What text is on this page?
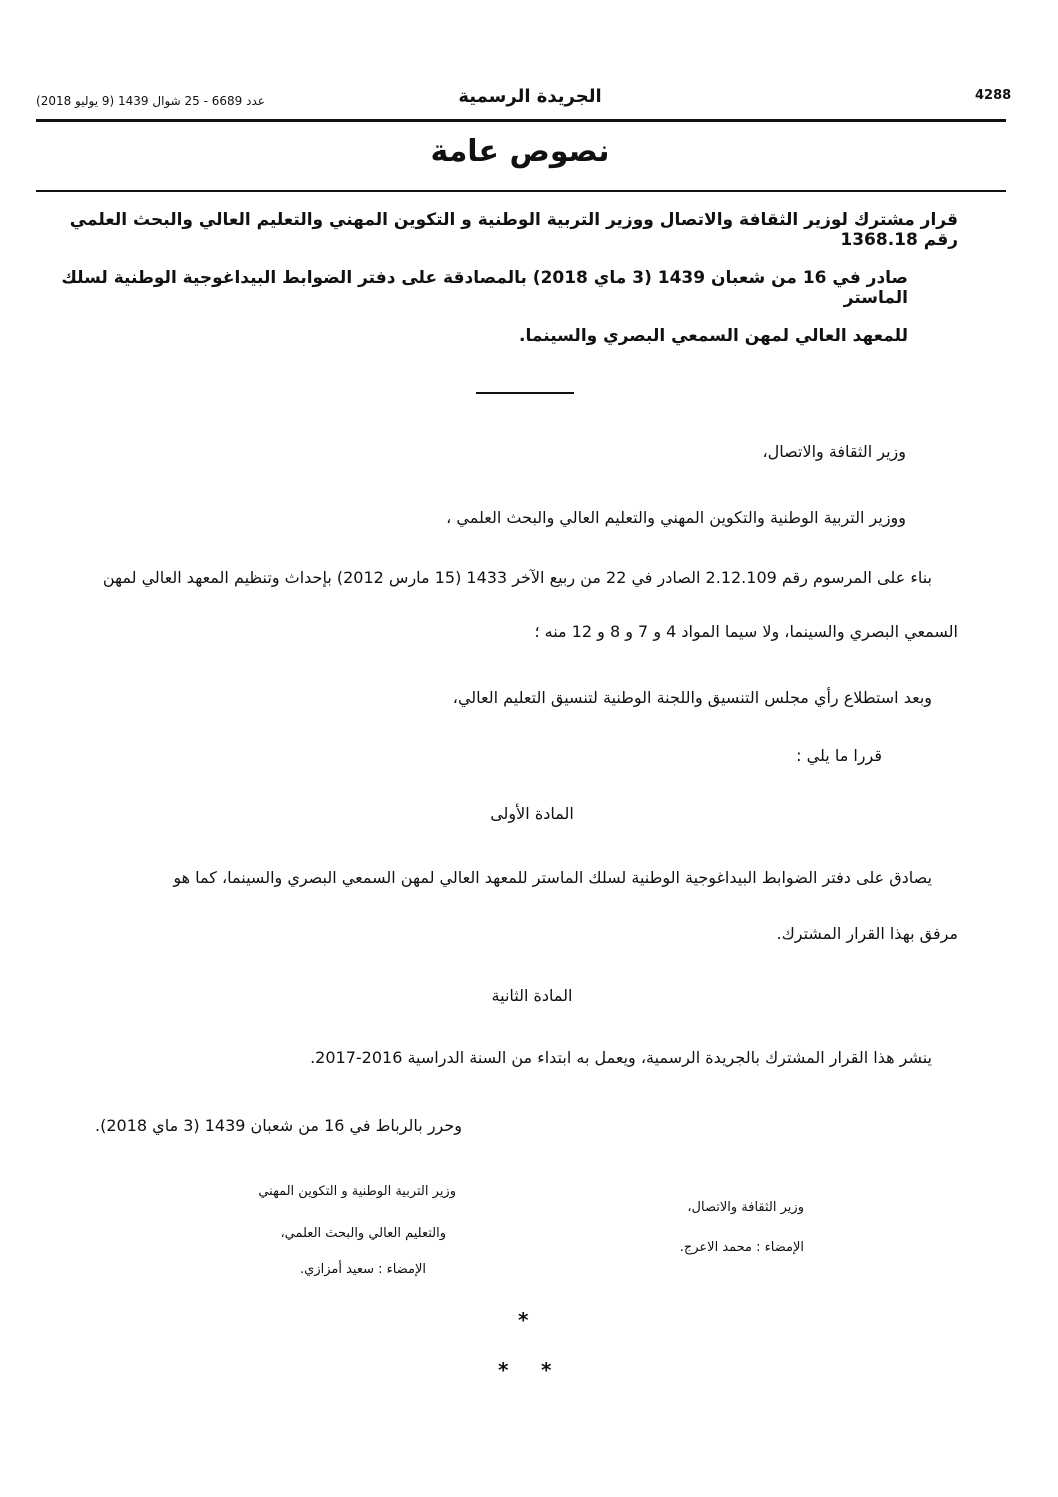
4288
الجريدة الرسمية
عدد 6689 - 25 شوال 1439 (9 يوليو 2018)
نصوص عامة
قرار مشترك لوزير الثقافة والاتصال ووزير التربية الوطنية و التكوين المهني والتعليم العالي والبحث العلمي رقم 1368.18
صادر في 16 من شعبان 1439 (3 ماي 2018) بالمصادقة على دفتر الضوابط البيداغوجية الوطنية لسلك الماستر
للمعهد العالي لمهن السمعي البصري والسينما.
وزير الثقافة والاتصال،
ووزير التربية الوطنية والتكوين المهني والتعليم العالي والبحث العلمي ،
بناء على المرسوم رقم 2.12.109 الصادر في 22 من ربيع الآخر 1433 (15 مارس 2012) بإحداث وتنظيم المعهد العالي لمهن
السمعي البصري والسينما، ولا سيما المواد 4 و 7 و 8 و 12 منه ؛
وبعد استطلاع رأي مجلس التنسيق واللجنة الوطنية لتنسيق التعليم العالي،
قررا ما يلي :
المادة الأولى
يصادق على دفتر الضوابط البيداغوجية الوطنية لسلك الماستر للمعهد العالي لمهن السمعي البصري والسينما، كما هو
مرفق بهذا القرار المشترك.
المادة الثانية
ينشر هذا القرار المشترك بالجريدة الرسمية، ويعمل به ابتداء من السنة الدراسية 2016-2017.
وحرر بالرباط في 16 من شعبان 1439 (3 ماي 2018).
وزير الثقافة والاتصال،
الإمضاء : محمد الاعرج.
وزير التربية الوطنية و التكوين المهني
والتعليم العالي والبحث العلمي،
الإمضاء : سعيد أمزازي.
*
* *
